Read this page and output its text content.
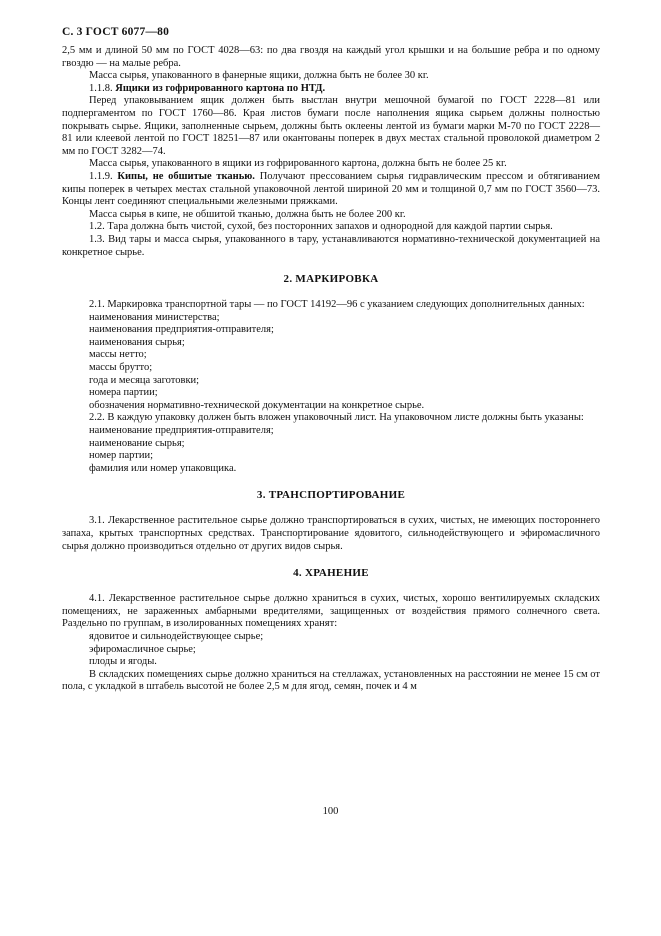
С. 3 ГОСТ 6077—80

2,5 мм и длиной 50 мм по ГОСТ 4028—63: по два гвоздя на каждый угол крышки и на большие ребра и по одному гвоздю — на малые ребра.

Масса сырья, упакованного в фанерные ящики, должна быть не более 30 кг.

1.1.8. Ящики из гофрированного картона по НТД.

Перед упаковыванием ящик должен быть выстлан внутри мешочной бумагой по ГОСТ 2228—81 или подпергаментом по ГОСТ 1760—86. Края листов бумаги после наполнения ящика сырьем должны полностью покрывать сырье. Ящики, заполненные сырьем, должны быть оклеены лентой из бумаги марки М-70 по ГОСТ 2228—81 или клеевой лентой по ГОСТ 18251—87 или окантованы поперек в двух местах стальной проволокой диаметром 2 мм по ГОСТ 3282—74.

Масса сырья, упакованного в ящики из гофрированного картона, должна быть не более 25 кг.

1.1.9. Кипы, не обшитые тканью. Получают прессованием сырья гидравлическим прессом и обтягиванием кипы поперек в четырех местах стальной упаковочной лентой шириной 20 мм и толщиной 0,7 мм по ГОСТ 3560—73. Концы лент соединяют специальными железными пряжками.

Масса сырья в кипе, не обшитой тканью, должна быть не более 200 кг.

1.2. Тара должна быть чистой, сухой, без посторонних запахов и однородной для каждой партии сырья.

1.3. Вид тары и масса сырья, упакованного в тару, устанавливаются нормативно-технической документацией на конкретное сырье.

2. МАРКИРОВКА

2.1. Маркировка транспортной тары — по ГОСТ 14192—96 с указанием следующих дополнительных данных:

наименования министерства;

наименования предприятия-отправителя;

наименования сырья;

массы нетто;

массы брутто;

года и месяца заготовки;

номера партии;

обозначения нормативно-технической документации на конкретное сырье.

2.2. В каждую упаковку должен быть вложен упаковочный лист. На упаковочном листе должны быть указаны:

наименование предприятия-отправителя;

наименование сырья;

номер партии;

фамилия или номер упаковщика.

3. ТРАНСПОРТИРОВАНИЕ

3.1. Лекарственное растительное сырье должно транспортироваться в сухих, чистых, не имеющих постороннего запаха, крытых транспортных средствах. Транспортирование ядовитого, сильнодействующего и эфиромасличного сырья должно производиться отдельно от других видов сырья.

4. ХРАНЕНИЕ

4.1. Лекарственное растительное сырье должно храниться в сухих, чистых, хорошо вентилируемых складских помещениях, не зараженных амбарными вредителями, защищенных от воздействия прямого солнечного света. Раздельно по группам, в изолированных помещениях хранят:

ядовитое и сильнодействующее сырье;

эфиромасличное сырье;

плоды и ягоды.

В складских помещениях сырье должно храниться на стеллажах, установленных на расстоянии не менее 15 см от пола, с укладкой в штабель высотой не более 2,5 м для ягод, семян, почек и 4 м

100
